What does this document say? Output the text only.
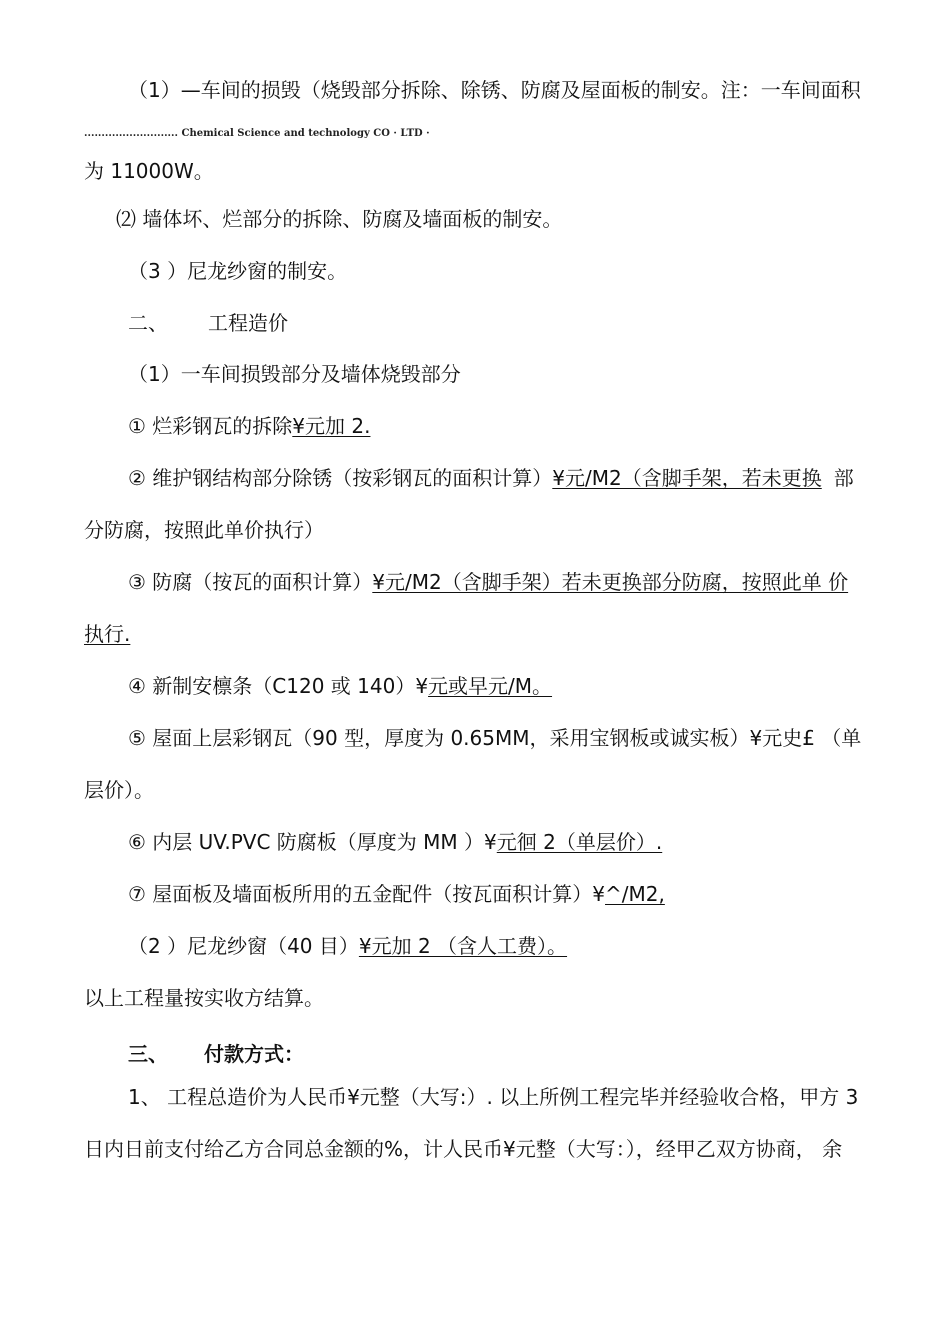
（1）—车间的损毁（烧毁部分拆除、除锈、防腐及屋面板的制安。注：一车间面积
........................... Chemical Science and technology CO · LTD ·
为 11000W。
⑵ 墙体坏、烂部分的拆除、防腐及墙面板的制安。
（3 ）尼龙纱窗的制安。
二、 工程造价
（1）一车间损毁部分及墙体烧毁部分
① 烂彩钢瓦的拆除¥元加 2.
② 维护钢结构部分除锈（按彩钢瓦的面积计算）¥元/M2（含脚手架，若未更换 部
分防腐，按照此单价执行）
③ 防腐（按瓦的面积计算）¥元/M2（含脚手架）若未更换部分防腐，按照此单 价
执行.
④ 新制安檩条（C120 或 140）¥元或早元/M。
⑤ 屋面上层彩钢瓦（90 型，厚度为 0.65MM，采用宝钢板或诚实板）¥元史£ （单
层价）。
⑥ 内层 UV.PVC 防腐板（厚度为 MM ）¥元徊 2（单层价）.
⑦ 屋面板及墙面板所用的五金配件（按瓦面积计算）¥^/M2,
（2 ）尼龙纱窗（40 目）¥元加 2 （含人工费）。
以上工程量按实收方结算。
三、 付款方式：
1、 工程总造价为人民币¥元整（大写:）. 以上所例工程完毕并经验收合格，甲方 3
日内日前支付给乙方合同总金额的%，计人民币¥元整（大写：），经甲乙双方协商， 余
